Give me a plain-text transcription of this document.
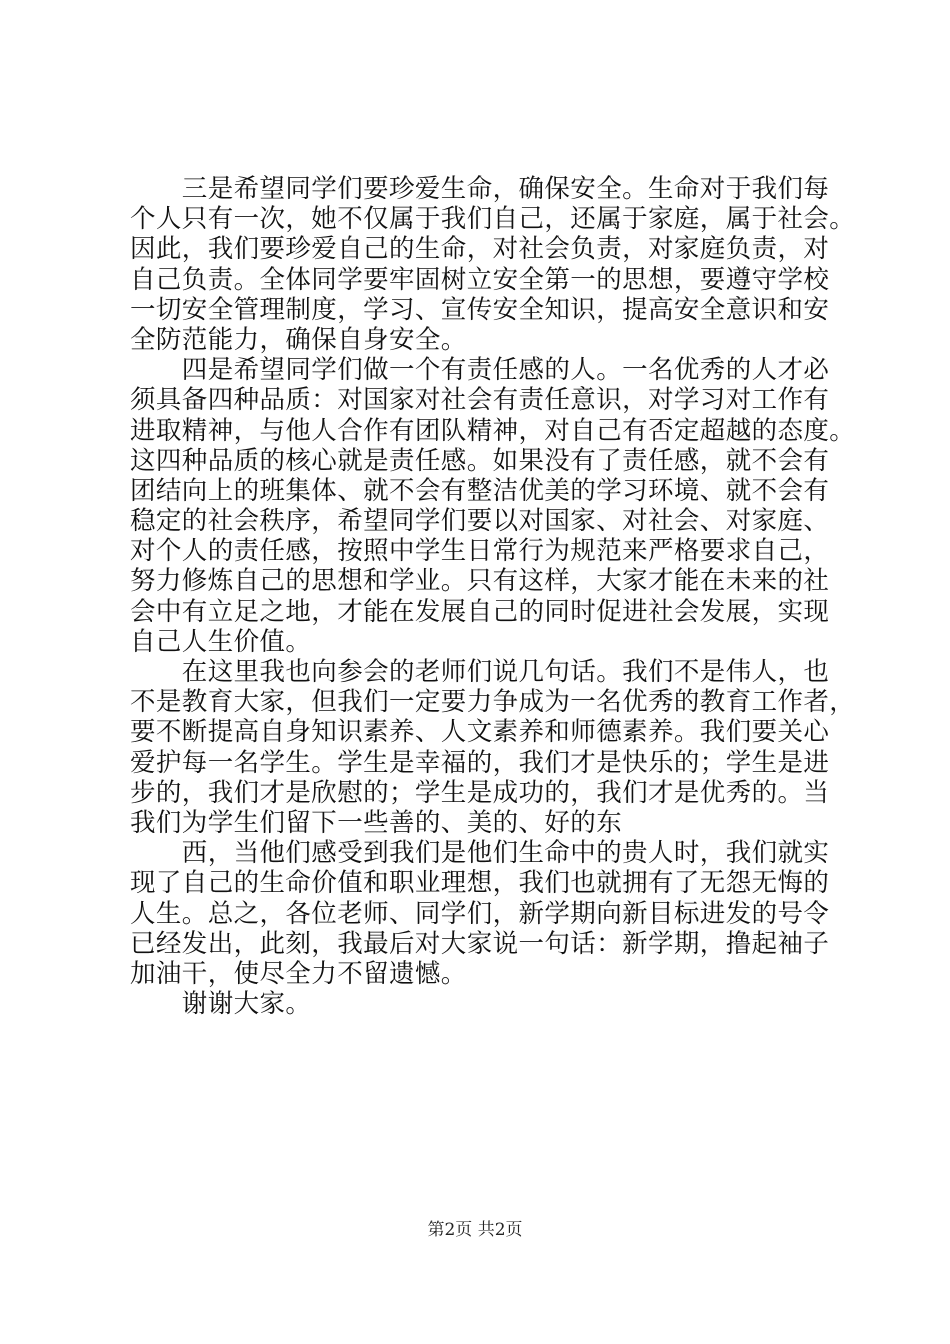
　　三是希望同学们要珍爱生命，确保安全。生命对于我们每
个人只有一次，她不仅属于我们自己，还属于家庭，属于社会。
因此，我们要珍爱自己的生命，对社会负责，对家庭负责，对
自己负责。全体同学要牢固树立安全第一的思想，要遵守学校
一切安全管理制度，学习、宣传安全知识，提高安全意识和安
全防范能力，确保自身安全。
　　四是希望同学们做一个有责任感的人。一名优秀的人才必
须具备四种品质：对国家对社会有责任意识，对学习对工作有
进取精神，与他人合作有团队精神，对自己有否定超越的态度。
这四种品质的核心就是责任感。如果没有了责任感，就不会有
团结向上的班集体、就不会有整洁优美的学习环境、就不会有
稳定的社会秩序，希望同学们要以对国家、对社会、对家庭、
对个人的责任感，按照中学生日常行为规范来严格要求自己，
努力修炼自己的思想和学业。只有这样，大家才能在未来的社
会中有立足之地，才能在发展自己的同时促进社会发展，实现
自己人生价值。
　　在这里我也向参会的老师们说几句话。我们不是伟人，也
不是教育大家，但我们一定要力争成为一名优秀的教育工作者，
要不断提高自身知识素养、人文素养和师德素养。我们要关心
爱护每一名学生。学生是幸福的，我们才是快乐的；学生是进
步的，我们才是欣慰的；学生是成功的，我们才是优秀的。当
我们为学生们留下一些善的、美的、好的东
　　西，当他们感受到我们是他们生命中的贵人时，我们就实
现了自己的生命价值和职业理想，我们也就拥有了无怨无悔的
人生。总之，各位老师、同学们，新学期向新目标进发的号令
已经发出，此刻，我最后对大家说一句话：新学期，撸起袖子
加油干，使尽全力不留遗憾。
　　谢谢大家。
第2页 共2页
